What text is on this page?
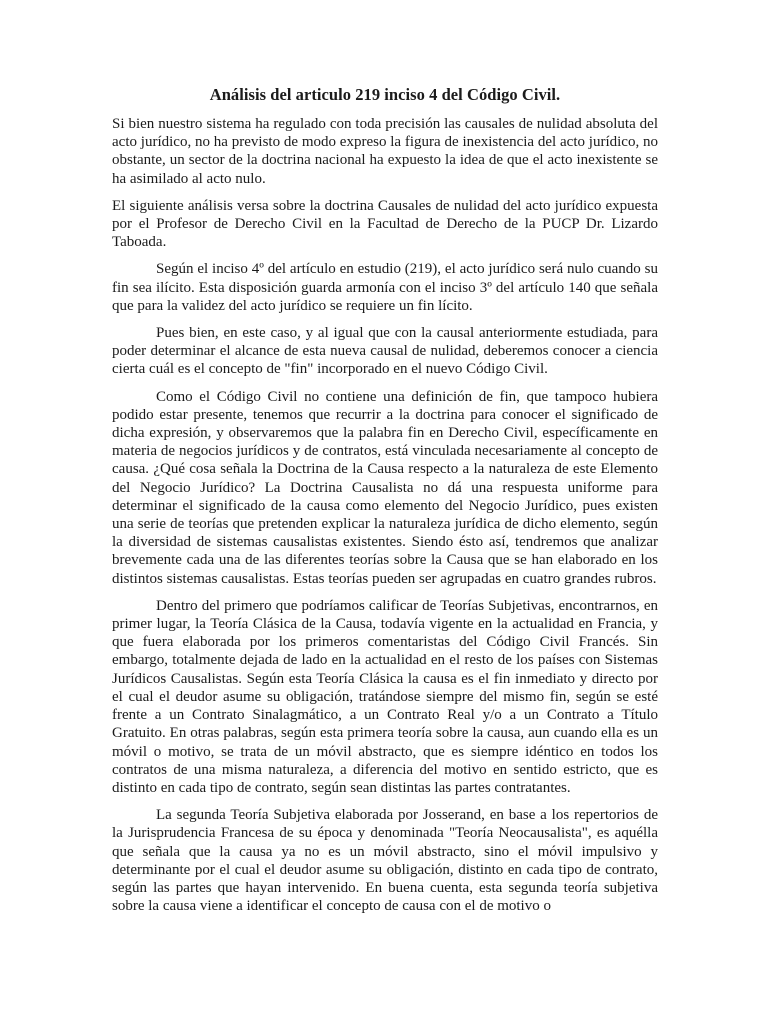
Análisis del articulo 219 inciso 4 del Código Civil.

Si bien nuestro sistema ha regulado con toda precisión las causales de nulidad absoluta del acto jurídico, no ha previsto de modo expreso la figura de inexistencia del acto jurídico, no obstante, un sector de la doctrina nacional ha expuesto la idea de que el acto inexistente se ha asimilado al acto nulo.

El siguiente análisis versa sobre la doctrina Causales de nulidad del acto jurídico expuesta por el Profesor de Derecho Civil en la Facultad de Derecho de la PUCP Dr. Lizardo Taboada.

Según el inciso 4º del artículo en estudio (219), el acto jurídico será nulo cuando su fin sea ilícito. Esta disposición guarda armonía con el inciso 3º del artículo 140 que señala que para la validez del acto jurídico se requiere un fin lícito.

Pues bien, en este caso, y al igual que con la causal anteriormente estudiada, para poder determinar el alcance de esta nueva causal de nulidad, deberemos conocer a ciencia cierta cuál es el concepto de "fin" incorporado en el nuevo Código Civil.

Como el Código Civil no contiene una definición de fin, que tampoco hubiera podido estar presente, tenemos que recurrir a la doctrina para conocer el significado de dicha expresión, y observaremos que la palabra fin en Derecho Civil, específicamente en materia de negocios jurídicos y de contratos, está vinculada necesariamente al concepto de causa. ¿Qué cosa señala la Doctrina de la Causa respecto a la naturaleza de este Elemento del Negocio Jurídico? La Doctrina Causalista no dá una respuesta uniforme para determinar el significado de la causa como elemento del Negocio Jurídico, pues existen una serie de teorías que pretenden explicar la naturaleza jurídica de dicho elemento, según la diversidad de sistemas causalistas existentes. Siendo ésto así, tendremos que analizar brevemente cada una de las diferentes teorías sobre la Causa que se han elaborado en los distintos sistemas causalistas. Estas teorías pueden ser agrupadas en cuatro grandes rubros.

Dentro del primero que podríamos calificar de Teorías Subjetivas, encontrarnos, en primer lugar, la Teoría Clásica de la Causa, todavía vigente en la actualidad en Francia, y que fuera elaborada por los primeros comentaristas del Código Civil Francés. Sin embargo, totalmente dejada de lado en la actualidad en el resto de los países con Sistemas Jurídicos Causalistas. Según esta Teoría Clásica la causa es el fin inmediato y directo por el cual el deudor asume su obligación, tratándose siempre del mismo fin, según se esté frente a un Contrato Sinalagmático, a un Contrato Real y/o a un Contrato a Título Gratuito. En otras palabras, según esta primera teoría sobre la causa, aun cuando ella es un móvil o motivo, se trata de un móvil abstracto, que es siempre idéntico en todos los contratos de una misma naturaleza, a diferencia del motivo en sentido estricto, que es distinto en cada tipo de contrato, según sean distintas las partes contratantes.

La segunda Teoría Subjetiva elaborada por Josserand, en base a los repertorios de la Jurisprudencia Francesa de su época y denominada "Teoría Neocausalista", es aquélla que señala que la causa ya no es un móvil abstracto, sino el móvil impulsivo y determinante por el cual el deudor asume su obligación, distinto en cada tipo de contrato, según las partes que hayan intervenido. En buena cuenta, esta segunda teoría subjetiva sobre la causa viene a identificar el concepto de causa con el de motivo o
